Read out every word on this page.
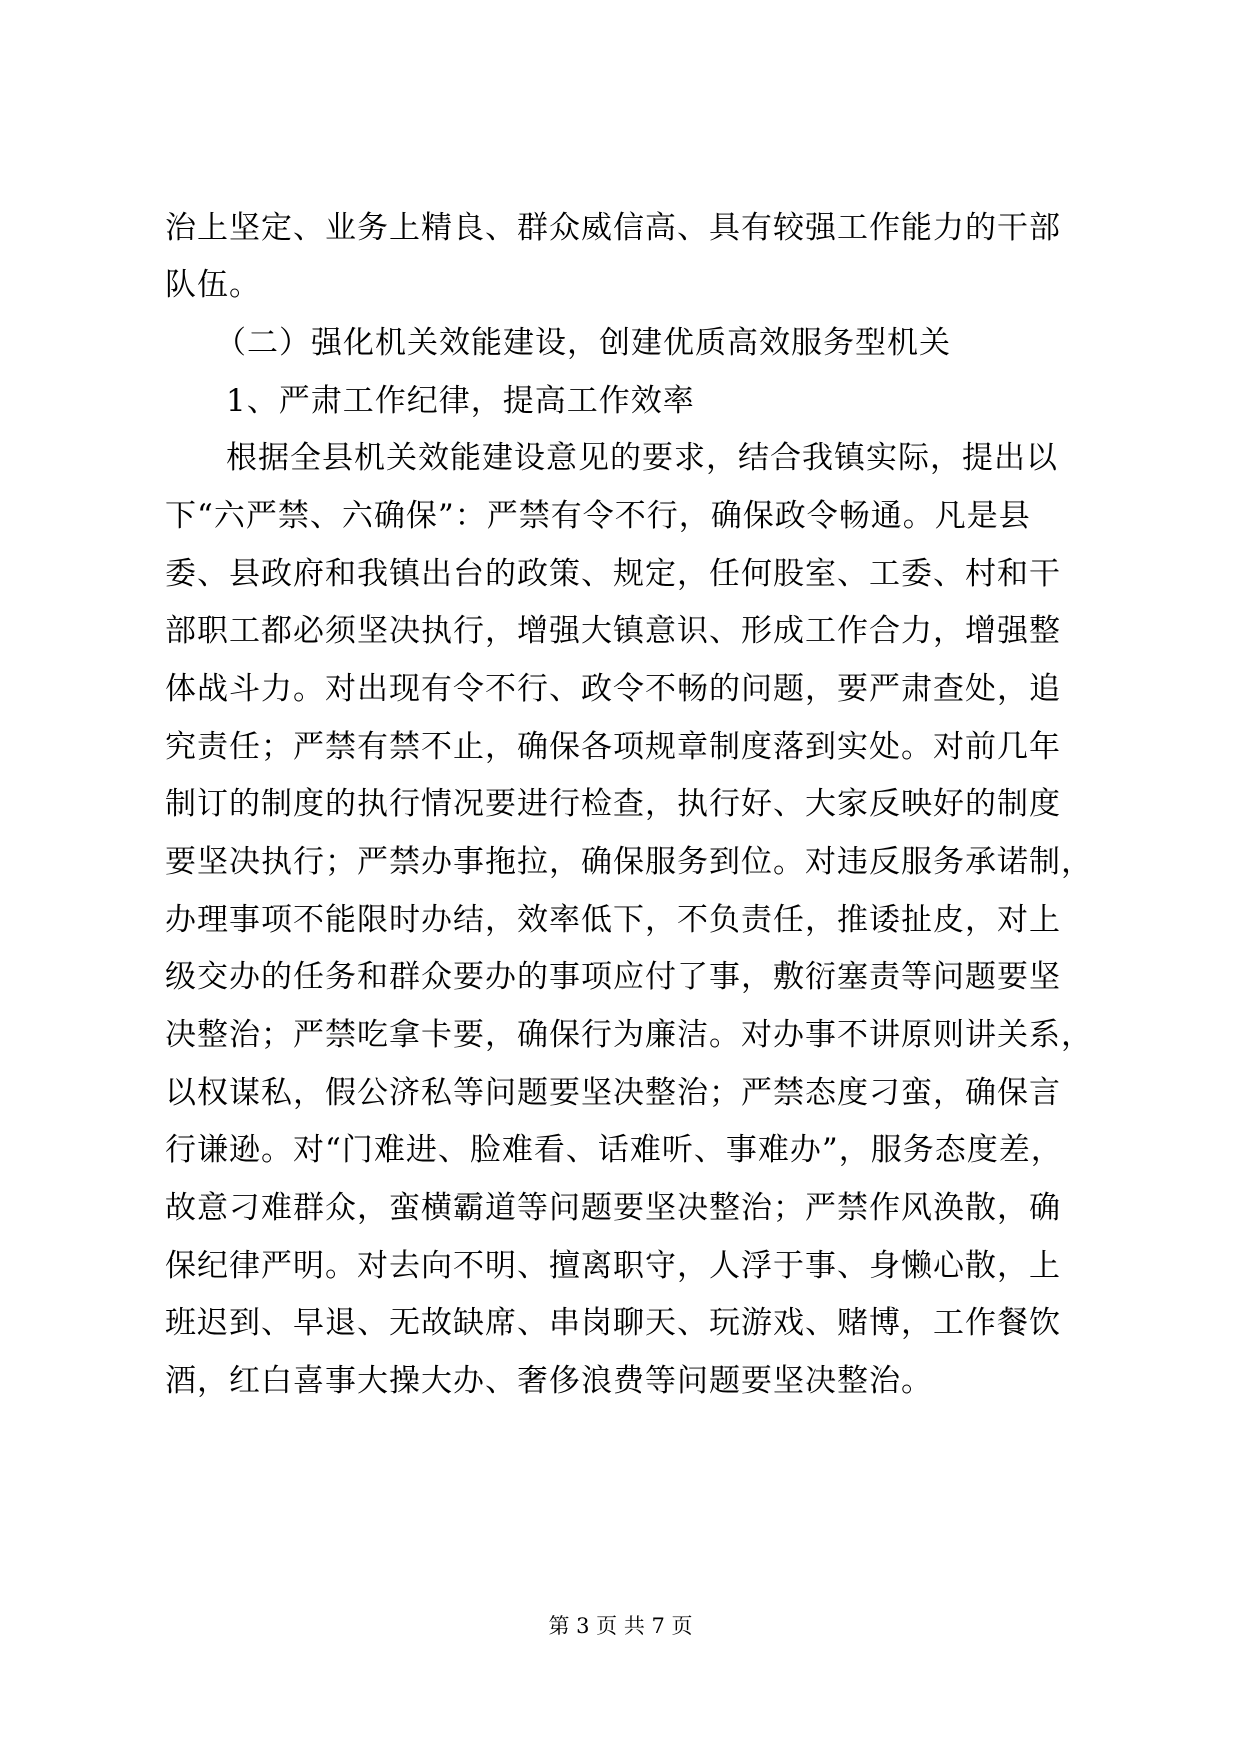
治上坚定、业务上精良、群众威信高、具有较强工作能力的干部
队伍。
（二）强化机关效能建设，创建优质高效服务型机关
1、严肃工作纪律，提高工作效率
根据全县机关效能建设意见的要求，结合我镇实际，提出以
下“六严禁、六确保”：严禁有令不行，确保政令畅通。凡是县
委、县政府和我镇出台的政策、规定，任何股室、工委、村和干
部职工都必须坚决执行，增强大镇意识、形成工作合力，增强整
体战斗力。对出现有令不行、政令不畅的问题，要严肃查处，追
究责任；严禁有禁不止，确保各项规章制度落到实处。对前几年
制订的制度的执行情况要进行检查，执行好、大家反映好的制度
要坚决执行；严禁办事拖拉，确保服务到位。对违反服务承诺制，
办理事项不能限时办结，效率低下，不负责任，推诿扯皮，对上
级交办的任务和群众要办的事项应付了事，敷衍塞责等问题要坚
决整治；严禁吃拿卡要，确保行为廉洁。对办事不讲原则讲关系，
以权谋私，假公济私等问题要坚决整治；严禁态度刁蛮，确保言
行谦逊。对“门难进、脸难看、话难听、事难办”，服务态度差，
故意刁难群众，蛮横霸道等问题要坚决整治；严禁作风涣散，确
保纪律严明。对去向不明、擅离职守，人浮于事、身懒心散，上
班迟到、早退、无故缺席、串岗聊天、玩游戏、赌博，工作餐饮
酒，红白喜事大操大办、奢侈浪费等问题要坚决整治。
第 3 页 共 7 页
